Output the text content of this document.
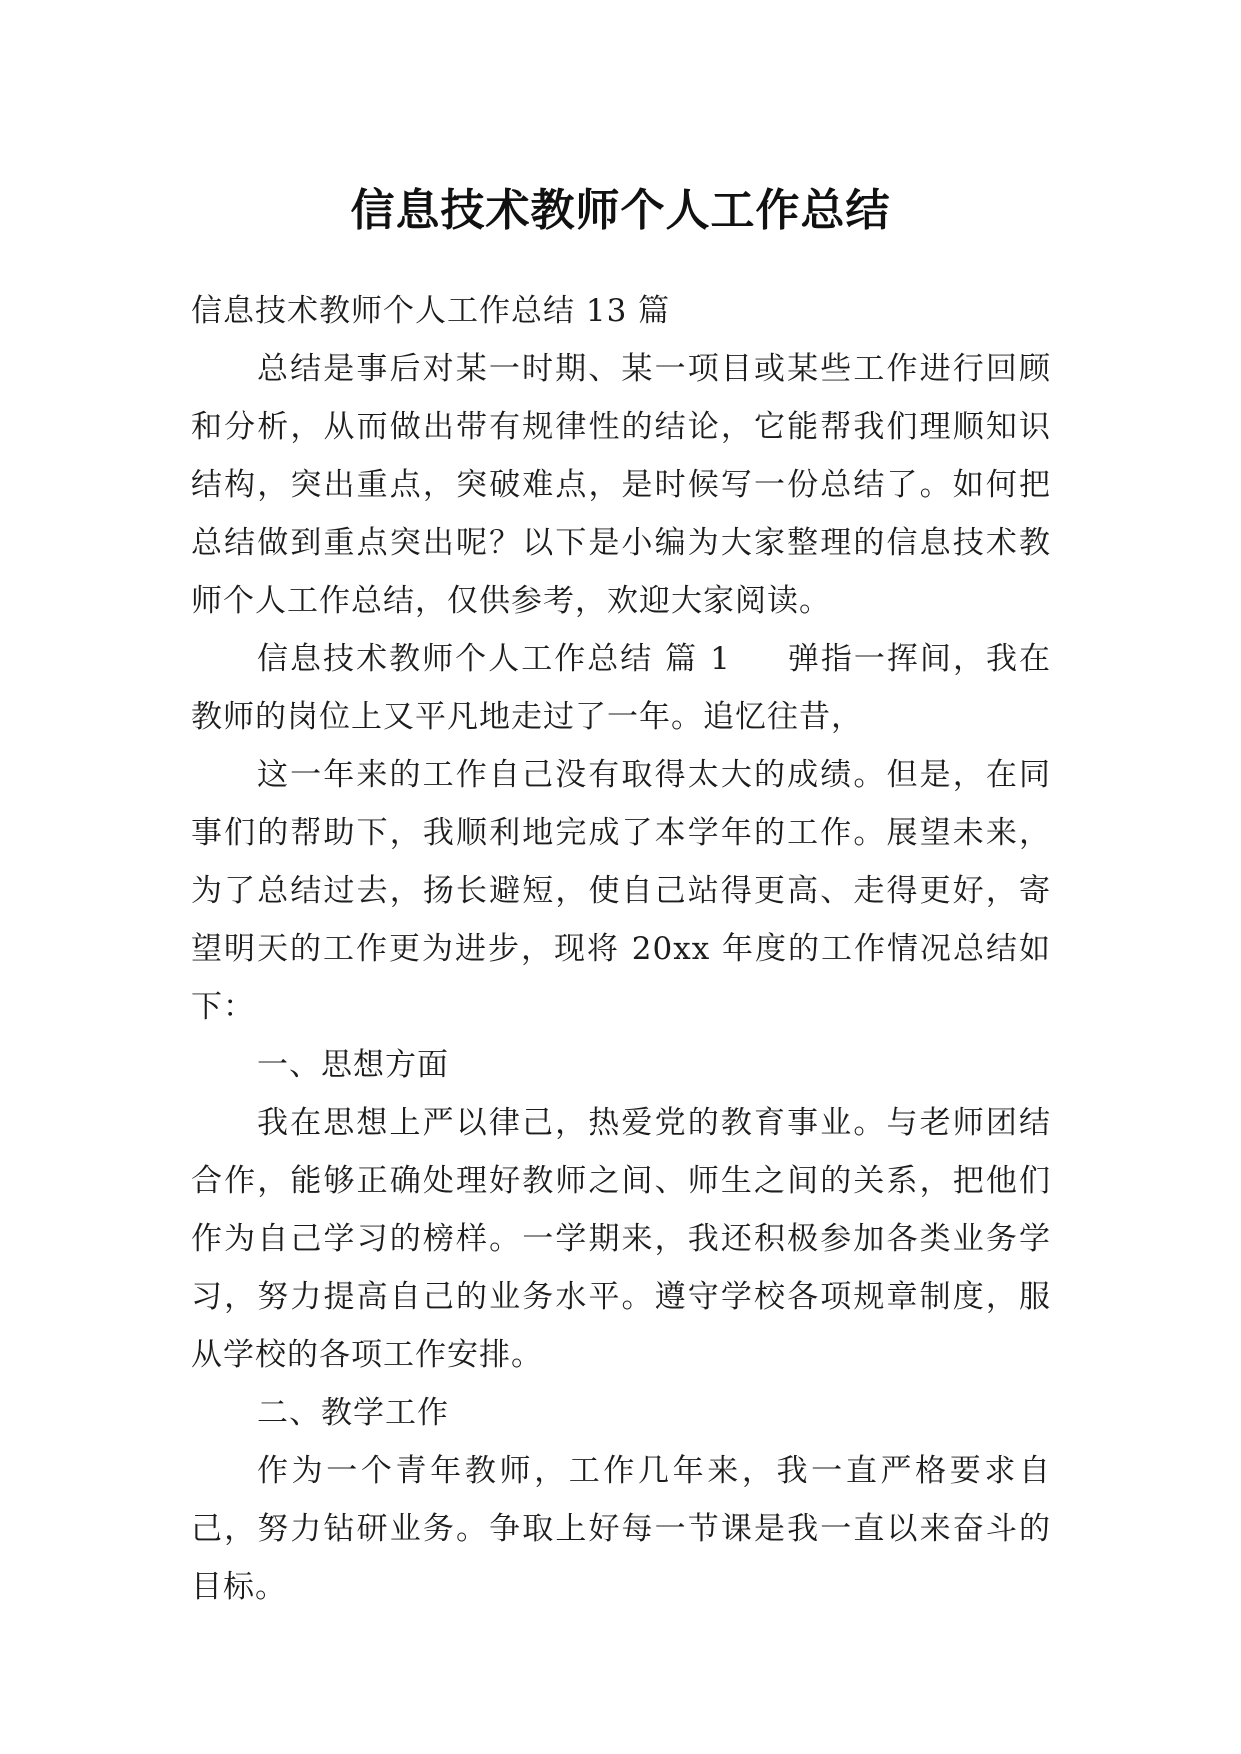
信息技术教师个人工作总结

信息技术教师个人工作总结 13 篇

总结是事后对某一时期、某一项目或某些工作进行回顾和分析，从而做出带有规律性的结论，它能帮我们理顺知识结构，突出重点，突破难点，是时候写一份总结了。如何把总结做到重点突出呢？以下是小编为大家整理的信息技术教师个人工作总结，仅供参考，欢迎大家阅读。

信息技术教师个人工作总结 篇 1 弹指一挥间，我在教师的岗位上又平凡地走过了一年。追忆往昔，

这一年来的工作自己没有取得太大的成绩。但是，在同事们的帮助下，我顺利地完成了本学年的工作。展望未来，为了总结过去，扬长避短，使自己站得更高、走得更好，寄望明天的工作更为进步，现将 20xx 年度的工作情况总结如下：

一、思想方面

我在思想上严以律己，热爱党的教育事业。与老师团结合作，能够正确处理好教师之间、师生之间的关系，把他们作为自己学习的榜样。一学期来，我还积极参加各类业务学习，努力提高自己的业务水平。遵守学校各项规章制度，服从学校的各项工作安排。

二、教学工作

作为一个青年教师，工作几年来，我一直严格要求自己，努力钻研业务。争取上好每一节课是我一直以来奋斗的目标。
